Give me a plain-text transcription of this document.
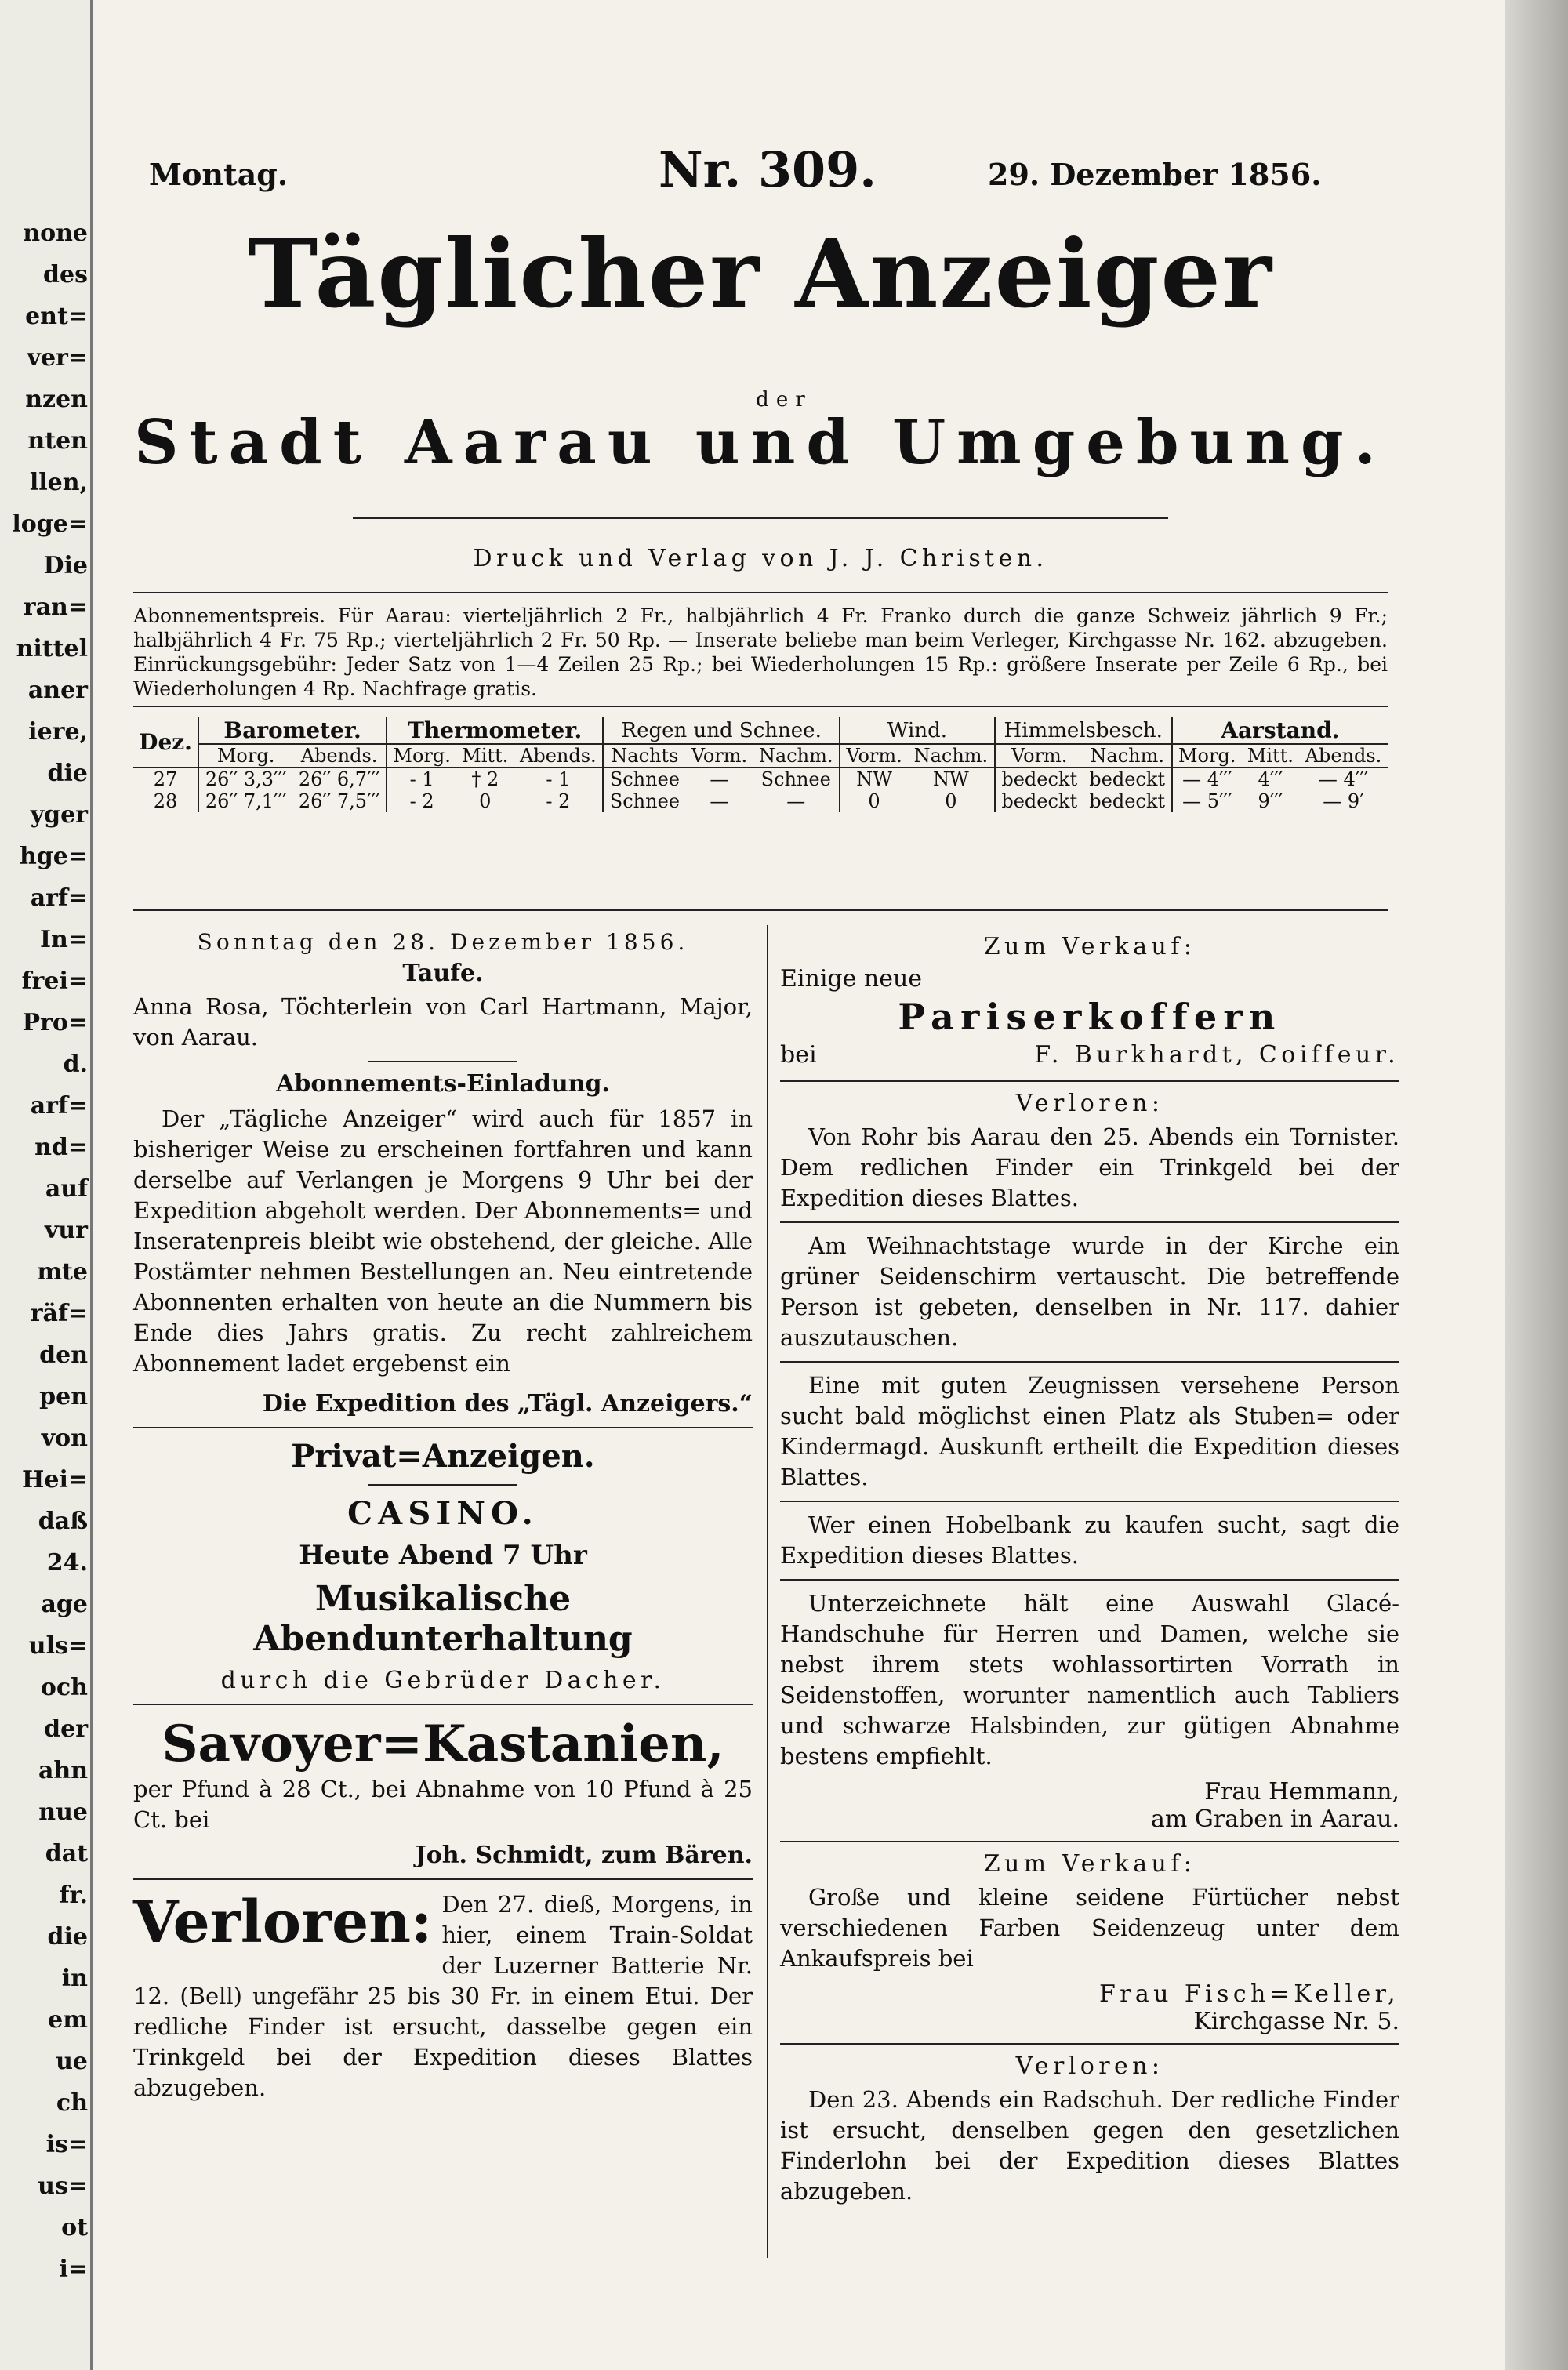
Montag.	Nr. 309.	29. Dezember 1856.
Täglicher Anzeiger
der
Stadt Aarau und Umgebung.
Druck und Verlag von J. J. Christen.

Abonnementspreis. Für Aarau: vierteljährlich 2 Fr., halbjährlich 4 Fr. Franko durch die ganze Schweiz jährlich 9 Fr.; halbjährlich 4 Fr. 75 Rp.; vierteljährlich 2 Fr. 50 Rp. — Inserate beliebe man beim Verleger, Kirchgasse Nr. 162. abzugeben. Einrückungsgebühr: Jeder Satz von 1—4 Zeilen 25 Rp.; bei Wiederholungen 15 Rp.: größere Inserate per Zeile 6 Rp., bei Wiederholungen 4 Rp. Nachfrage gratis.

Dez.	Barometer.		Thermometer.			Regen und Schnee.			Wind.		Himmelsbesch.		Aarstand.		
	Morg.	Abends.	Morg.	Mitt.	Abends.	Nachts	Vorm.	Nachm.	Vorm.	Nachm.	Vorm.	Nachm.	Morg.	Mitt.	Abends.
27	26′′ 3,3′′′	26′′ 6,7′′′	- 1	† 2	- 1	Schnee	—	Schnee	NW	NW	bedeckt	bedeckt	— 4′′′	4′′′	— 4′′′
28	26′′ 7,1′′′	26′′ 7,5′′′	- 2	0	- 2	Schnee	—	—	0	0	bedeckt	bedeckt	— 5′′′	9′′′	— 9′
Sonntag den 28. Dezember 1856.
Taufe.

Anna Rosa, Töchterlein von Carl Hartmann, Major, von Aarau.

Abonnements-Einladung.

Der „Tägliche Anzeiger“ wird auch für 1857 in bisheriger Weise zu erscheinen fortfahren und kann derselbe auf Verlangen je Morgens 9 Uhr bei der Expedition abgeholt werden. Der Abonnements= und Inseratenpreis bleibt wie obstehend, der gleiche. Alle Postämter nehmen Bestellungen an. Neu eintretende Abonnenten erhalten von heute an die Nummern bis Ende dies Jahrs gratis. Zu recht zahlreichem Abonnement ladet ergebenst ein

Die Expedition des „Tägl. Anzeigers.“
Privat=Anzeigen.
CASINO.
Heute Abend 7 Uhr
Musikalische Abendunterhaltung
durch die Gebrüder Dacher.
Savoyer=Kastanien,

per Pfund à 28 Ct., bei Abnahme von 10 Pfund à 25 Ct. bei

Joh. Schmidt, zum Bären.
Verloren: Den 27. dieß, Morgens, in hier, einem Train-Soldat der Luzerner Batterie Nr. 12. (Bell) ungefähr 25 bis 30 Fr. in einem Etui. Der redliche Finder ist ersucht, dasselbe gegen ein Trinkgeld bei der Expedition dieses Blattes abzugeben.

Zum Verkauf:
Einige neue
Pariserkoffern
bei	F. Burkhardt, Coiffeur.
Verloren:

Von Rohr bis Aarau den 25. Abends ein Tornister. Dem redlichen Finder ein Trinkgeld bei der Expedition dieses Blattes.

Am Weihnachtstage wurde in der Kirche ein grüner Seidenschirm vertauscht. Die betreffende Person ist gebeten, denselben in Nr. 117. dahier auszutauschen.

Eine mit guten Zeugnissen versehene Person sucht bald möglichst einen Platz als Stuben= oder Kindermagd. Auskunft ertheilt die Expedition dieses Blattes.

Wer einen Hobelbank zu kaufen sucht, sagt die Expedition dieses Blattes.

Unterzeichnete hält eine Auswahl Glacé-Handschuhe für Herren und Damen, welche sie nebst ihrem stets wohlassortirten Vorrath in Seidenstoffen, worunter namentlich auch Tabliers und schwarze Halsbinden, zur gütigen Abnahme bestens empfiehlt.

Frau Hemmann,
am Graben in Aarau.
Zum Verkauf:

Große und kleine seidene Fürtücher nebst verschiedenen Farben Seidenzeug unter dem Ankaufspreis bei

Frau Fisch=Keller,
Kirchgasse Nr. 5.
Verloren:

Den 23. Abends ein Radschuh. Der redliche Finder ist ersucht, denselben gegen den gesetzlichen Finderlohn bei der Expedition dieses Blattes abzugeben.

none
des
ent=
ver=
nzen
nten
llen,
loge=
Die
ran=
nittel
aner
iere,
die
yger
hge=
arf=
In=
frei=
Pro=
d.
arf=
nd=
auf
vur
mte
räf=
den
pen
von
Hei=
daß
24.
age
uls=
och
der
ahn
nue
dat
fr.
die
in
em
ue
ch
is=
us=
ot
i=
